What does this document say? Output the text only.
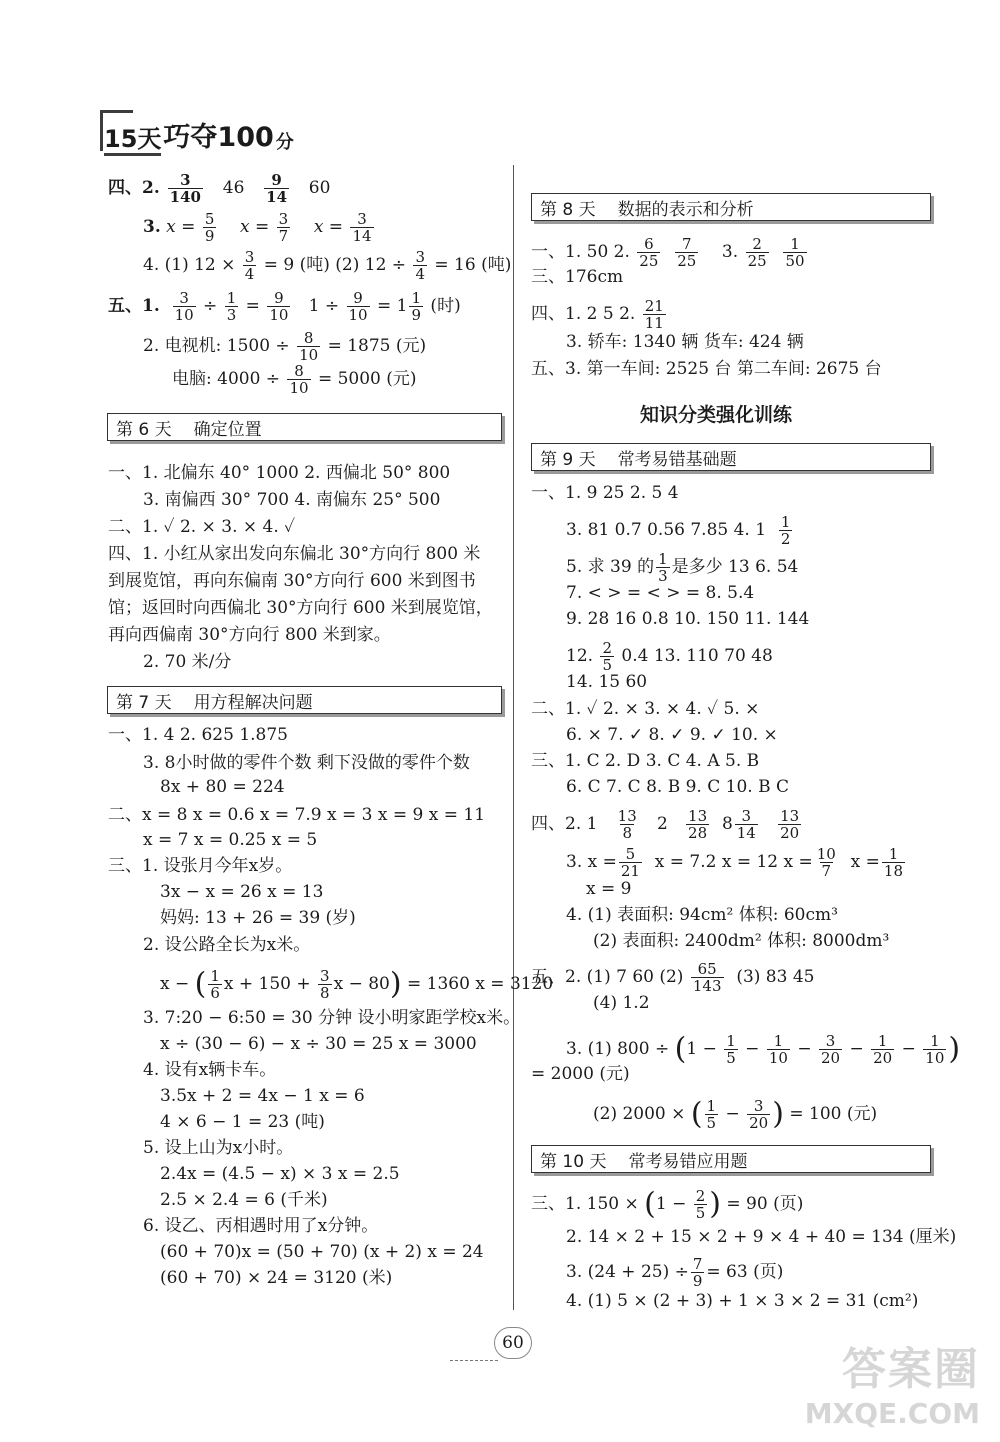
15天 巧夺100 分
四、2. $\frac{3}{140} 46 \frac{9}{14} 60$
3. $x = \frac{5}{9}$ $x = \frac{3}{7}$ $x = \frac{3}{14}$
4. (1) $12 \times \frac{3}{4} = 9$ (吨) (2) $12 \div \frac{3}{4} = 16$ (吨)
五、1. $\frac{3}{10} \div \frac{1}{3} = \frac{9}{10} 1 \div \frac{9}{10} = 1 \frac{1}{9}$ (时)
2. 电视机: $1500 \div \frac{8}{10} = 1875$ (元)
电脑: $4000 \div \frac{8}{10} = 5000$ (元)
第 6 天 确定位置
一、1. 北偏东 40° 1000 2. 西偏北 50° 800
3. 南偏西 30° 700 4. 南偏东 25° 500
二、1. ✓ 2. × 3. × 4. ✓
四、1. 小红从家出发向东偏北 30°方向行 800 米
到展览馆，再向东偏南 30°方向行 600 米到图书
馆；返回时向西偏北 30°方向行 600 米到展览馆，
再向西偏南 30°方向行 800 米到家。
2. 70 米/分
第 7 天 用方程解决问题
一、1. 4 2. 625 1.875
3. 8小时做的零件个数 剩下没做的零件个数
8x + 80 = 224
二、x = 8 x = 0.6 x = 7.9 x = 3 x = 9 x = 11
x = 7 x = 0.25 x = 5
三、1. 设张月今年x岁。
3x − x = 26 x = 13
妈妈: 13 + 26 = 39 (岁)
2. 设公路全长为x米。
x − ( $\frac{1}{6}$ $x + 150 + \frac{3}{8}$ x − 80) = 1360 x = 3120
3. 7:20 − 6:50 = 30 分钟 设小明家距学校x米。
x ÷ (30 − 6) − x ÷ 30 = 25 x = 3000
4. 设有x辆卡车。
3.5x + 2 = 4x − 1 x = 6
4 × 6 − 1 = 23 (吨)
5. 设上山为x小时。
2.4x = (4.5 − x) × 3 x = 2.5
2.5 × 2.4 = 6 (千米)
6. 设乙、丙相遇时用了x分钟。
(60 + 70)x = (50 + 70) (x + 2) x = 24
(60 + 70) × 24 = 3120 (米)
第 8 天 数据的表示和分析
一、1. 50 2. $\frac{6}{25}$
$\frac{7}{25} 3$. $\frac{2}{25}$
$\frac{1}{50}$
三、176cm
四、1. 2 5 2. $\frac{21}{11}$
3. 轿车: 1340 辆 货车: 424 辆
五、3. 第一车间: 2525 台 第二车间: 2675 台
知识分类强化训练
第 9 天 常考易错基础题
一、1. 9 25 2. 5 4
3. 81 0.7 0.56 7.85 4. $1 \frac{1}{2}$
5. 求 39 的 $\frac{1}{3}$ 是多少 13 6. 54
7. < > = < > = 8. 5.4
9. 28 16 0.8 10. 150 11. 144
12. $\frac{2}{5} 0.4$ 13. 110 70 48
14. 15 60
二、1. ✓ 2. × 3. × 4. ✓ 5. ×
6. × 7. ✓ 8. ✓ 9. ✓ 10. ×
三、1. C 2. D 3. C 4. A 5. B
6. C 7. C 8. B 9. C 10. B C
四、2. $1 \frac{13}{8} 2 \frac{13}{28} 8 \frac{3}{14}$
$\frac{13}{20}$
3. $x = \frac{5}{21}$ x = 7.2 x = 12 $x = \frac{10}{7}$ $x = \frac{1}{18}$
x = 9
4. (1) 表面积: 94cm² 体积: 60cm³
(2) 表面积: 2400dm² 体积: 8000dm³
五、2. (1) 7 60 $(2) \frac{65}{143} (3)$ 83 45
(4) 1.2
3. (1) $800 \div (1 - \frac{1}{5} - \frac{1}{10} - \frac{3}{20} - \frac{1}{20} - \frac{1}{10}$ )
= 2000 (元)
(2) 2000 × ( $\frac{1}{5} - \frac{3}{20}$ ) = 100 (元)
第 10 天 常考易错应用题
三、1. $150 \times (1 - \frac{2}{5}$ ) = 90 (页)
2. 14 × 2 + 15 × 2 + 9 × 4 + 40 = 134 (厘米)
3. $(24 + 25) \div \frac{7}{9} = 63$ (页)
4. (1) 5 × (2 + 3) + 1 × 3 × 2 = 31 (cm²)
60
答案圈
MXQE.COM
